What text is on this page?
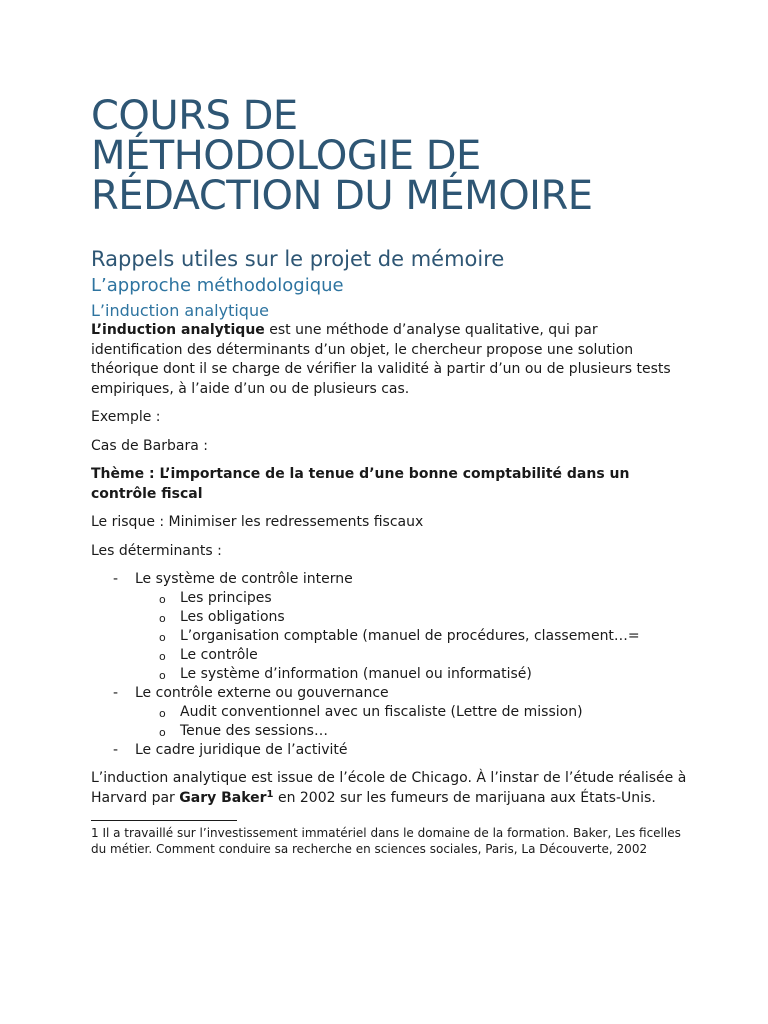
COURS DE
MÉTHODOLOGIE DE
RÉDACTION DU MÉMOIRE
Rappels utiles sur le projet de mémoire
L’approche méthodologique
L’induction analytique

L’induction analytique est une méthode d’analyse qualitative, qui par identification des déterminants d’un objet, le chercheur propose une solution théorique dont il se charge de vérifier la validité à partir d’un ou de plusieurs tests empiriques, à l’aide d’un ou de plusieurs cas.

Exemple :

Cas de Barbara :

Thème : L’importance de la tenue d’une bonne comptabilité dans un contrôle fiscal

Le risque : Minimiser les redressements fiscaux

Les déterminants :

- Le système de contrôle interne
o Les principes
o Les obligations
o L’organisation comptable (manuel de procédures, classement…=
o Le contrôle
o Le système d’information (manuel ou informatisé)
- Le contrôle externe ou gouvernance
o Audit conventionnel avec un fiscaliste (Lettre de mission)
o Tenue des sessions…
- Le cadre juridique de l’activité

L’induction analytique est issue de l’école de Chicago. À l’instar de l’étude réalisée à Harvard par Gary Baker$^1$ en 2002 sur les fumeurs de marijuana aux États-Unis.

1 Il a travaillé sur l’investissement immatériel dans le domaine de la formation. Baker, Les ficelles du métier. Comment conduire sa recherche en sciences sociales, Paris, La Découverte, 2002
